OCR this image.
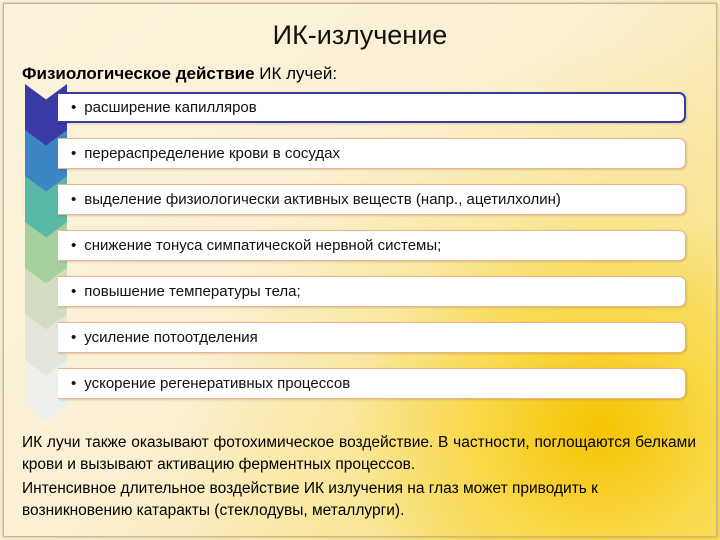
ИК-излучение
Физиологическое действие ИК лучей:
• расширение капилляров
• перераспределение крови в сосудах
• выделение физиологически активных веществ (напр., ацетилхолин)
• снижение тонуса симпатической нервной системы;
• повышение температуры тела;
• усиление потоотделения
• ускорение регенеративных процессов
ИК лучи также оказывают фотохимическое воздействие. В частности, поглощаются белками крови и вызывают активацию ферментных процессов.
Интенсивное длительное воздействие ИК излучения на глаз может приводить к возникновению катаракты (стеклодувы, металлурги).
